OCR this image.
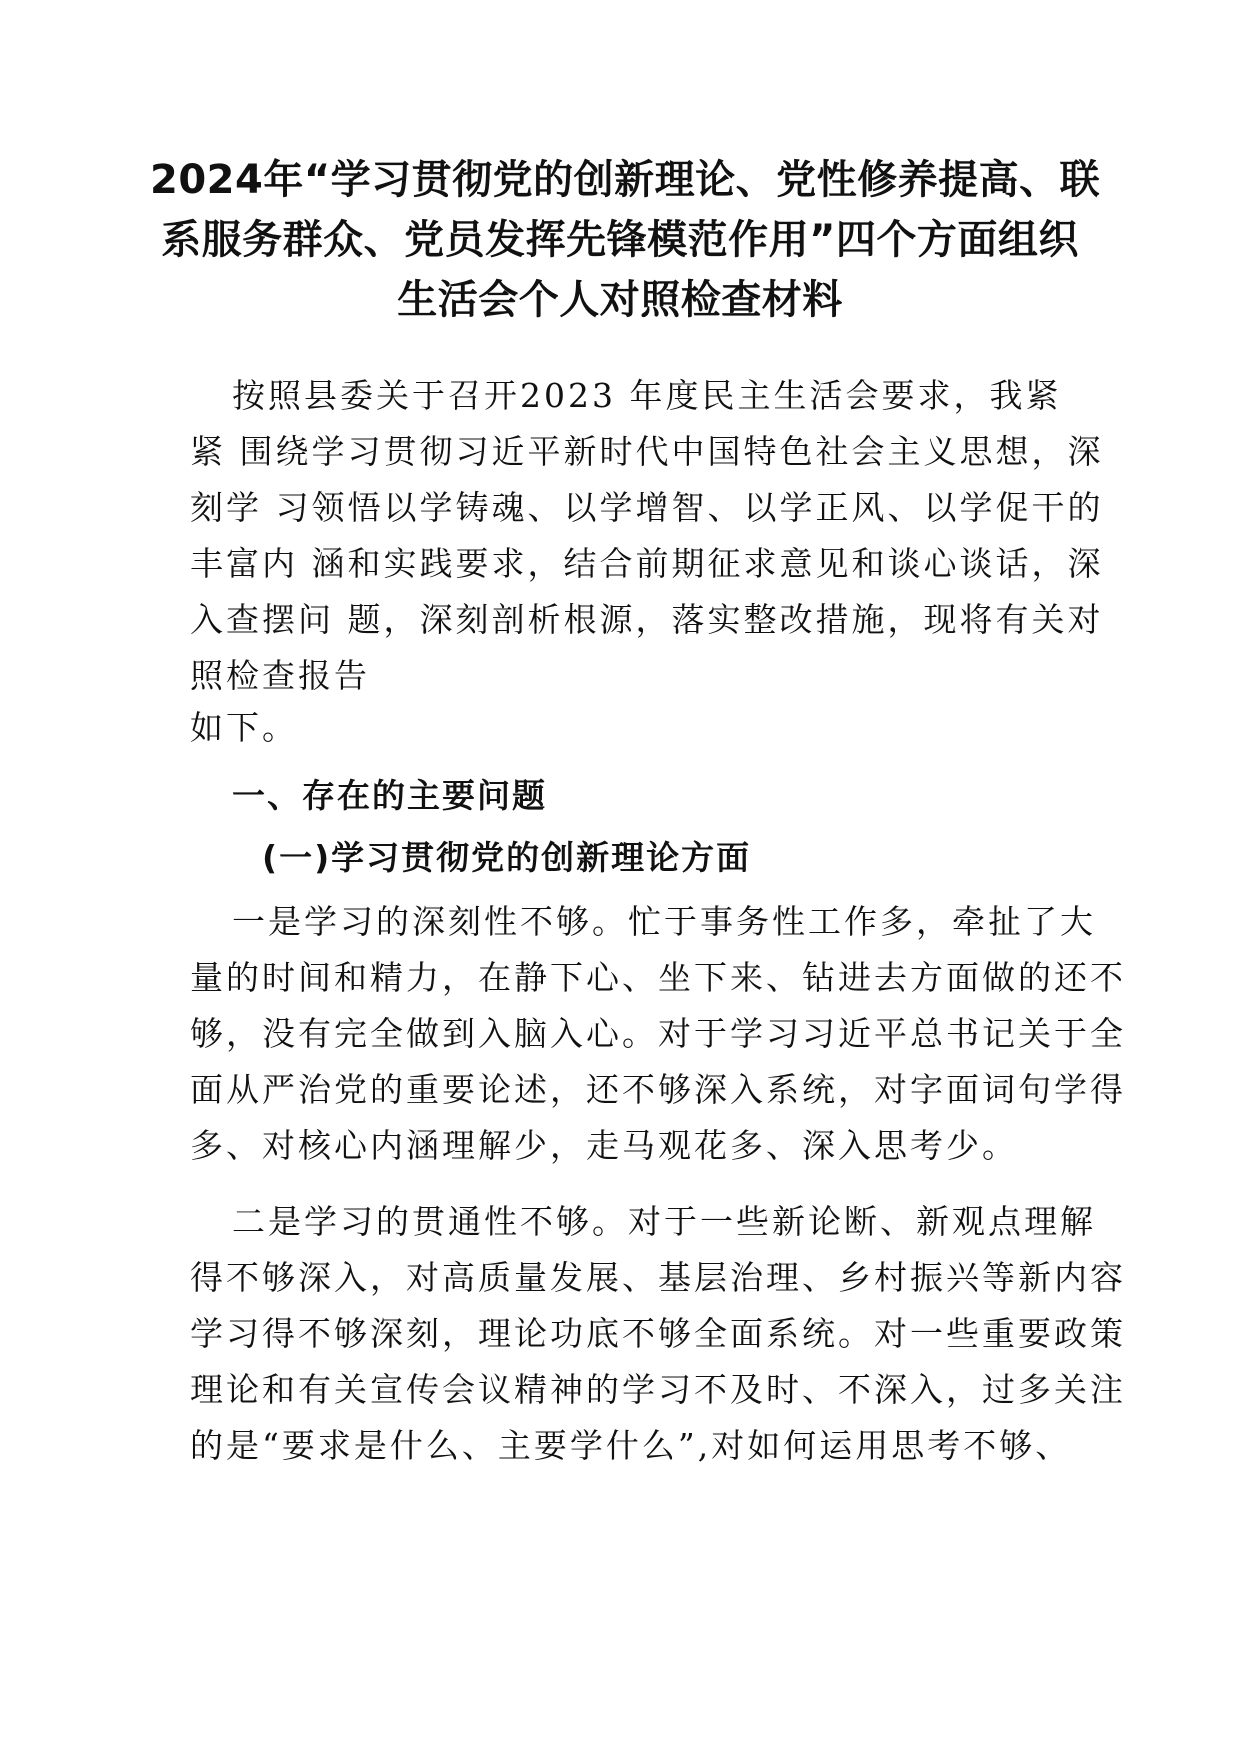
2024年“学习贯彻党的创新理论、党性修养提高、联
系服务群众、党员发挥先锋模范作用”四个方面组织
生活会个人对照检查材料
按照县委关于召开2023 年度民主生活会要求，我紧
紧 围绕学习贯彻习近平新时代中国特色社会主义思想，深
刻学 习领悟以学铸魂、以学增智、以学正风、以学促干的
丰富内 涵和实践要求，结合前期征求意见和谈心谈话，深
入查摆问 题，深刻剖析根源，落实整改措施，现将有关对
照检查报告
如下。
一、存在的主要问题
(一)学习贯彻党的创新理论方面
一是学习的深刻性不够。忙于事务性工作多，牵扯了大
量的时间和精力，在静下心、坐下来、钻进去方面做的还不
够，没有完全做到入脑入心。对于学习习近平总书记关于全
面从严治党的重要论述，还不够深入系统，对字面词句学得
多、对核心内涵理解少，走马观花多、深入思考少。
二是学习的贯通性不够。对于一些新论断、新观点理解
得不够深入，对高质量发展、基层治理、乡村振兴等新内容
学习得不够深刻，理论功底不够全面系统。对一些重要政策
理论和有关宣传会议精神的学习不及时、不深入，过多关注
的是“要求是什么、主要学什么”,对如何运用思考不够、
